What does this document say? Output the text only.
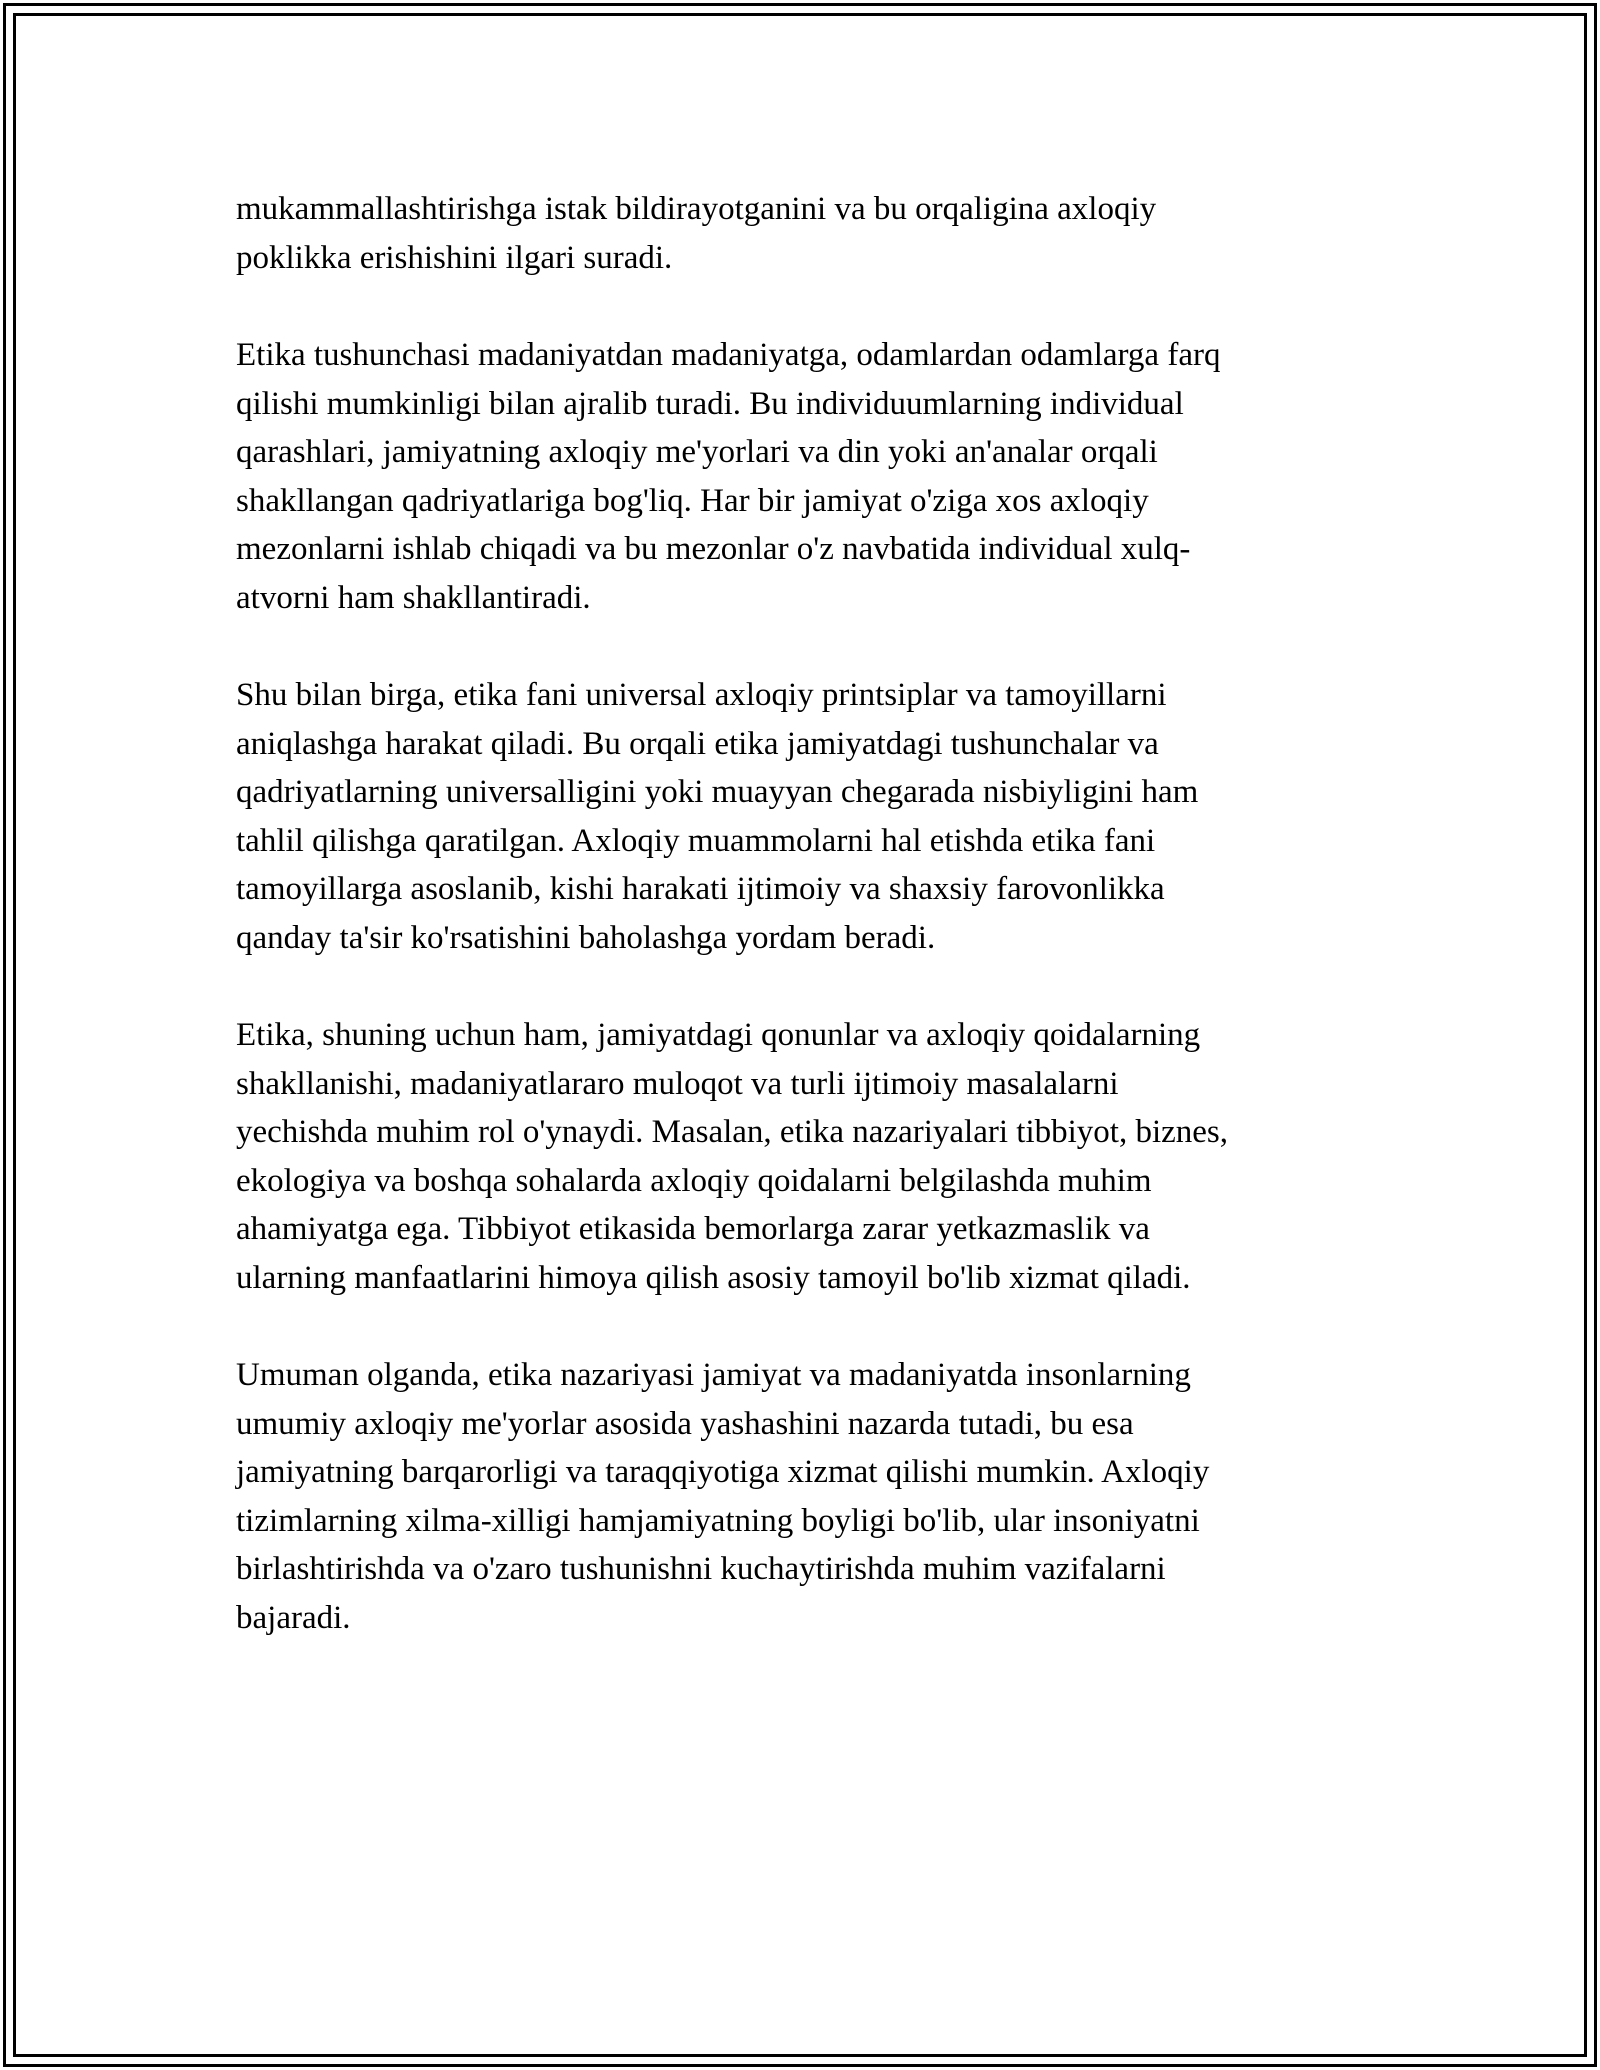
mukammallashtirishga istak bildirayotganini va bu orqaligina axloqiy
poklikka erishishini ilgari suradi.

Etika tushunchasi madaniyatdan madaniyatga, odamlardan odamlarga farq
qilishi mumkinligi bilan ajralib turadi. Bu individuumlarning individual
qarashlari, jamiyatning axloqiy me'yorlari va din yoki an'analar orqali
shakllangan qadriyatlariga bog'liq. Har bir jamiyat o'ziga xos axloqiy
mezonlarni ishlab chiqadi va bu mezonlar o'z navbatida individual xulq-
atvorni ham shakllantiradi.

Shu bilan birga, etika fani universal axloqiy printsiplar va tamoyillarni
aniqlashga harakat qiladi. Bu orqali etika jamiyatdagi tushunchalar va
qadriyatlarning universalligini yoki muayyan chegarada nisbiyligini ham
tahlil qilishga qaratilgan. Axloqiy muammolarni hal etishda etika fani
tamoyillarga asoslanib, kishi harakati ijtimoiy va shaxsiy farovonlikka
qanday ta'sir ko'rsatishini baholashga yordam beradi.

Etika, shuning uchun ham, jamiyatdagi qonunlar va axloqiy qoidalarning
shakllanishi, madaniyatlararo muloqot va turli ijtimoiy masalalarni
yechishda muhim rol o'ynaydi. Masalan, etika nazariyalari tibbiyot, biznes,
ekologiya va boshqa sohalarda axloqiy qoidalarni belgilashda muhim
ahamiyatga ega. Tibbiyot etikasida bemorlarga zarar yetkazmaslik va
ularning manfaatlarini himoya qilish asosiy tamoyil bo'lib xizmat qiladi.

Umuman olganda, etika nazariyasi jamiyat va madaniyatda insonlarning
umumiy axloqiy me'yorlar asosida yashashini nazarda tutadi, bu esa
jamiyatning barqarorligi va taraqqiyotiga xizmat qilishi mumkin. Axloqiy
tizimlarning xilma-xilligi hamjamiyatning boyligi bo'lib, ular insoniyatni
birlashtirishda va o'zaro tushunishni kuchaytirishda muhim vazifalarni
bajaradi.
